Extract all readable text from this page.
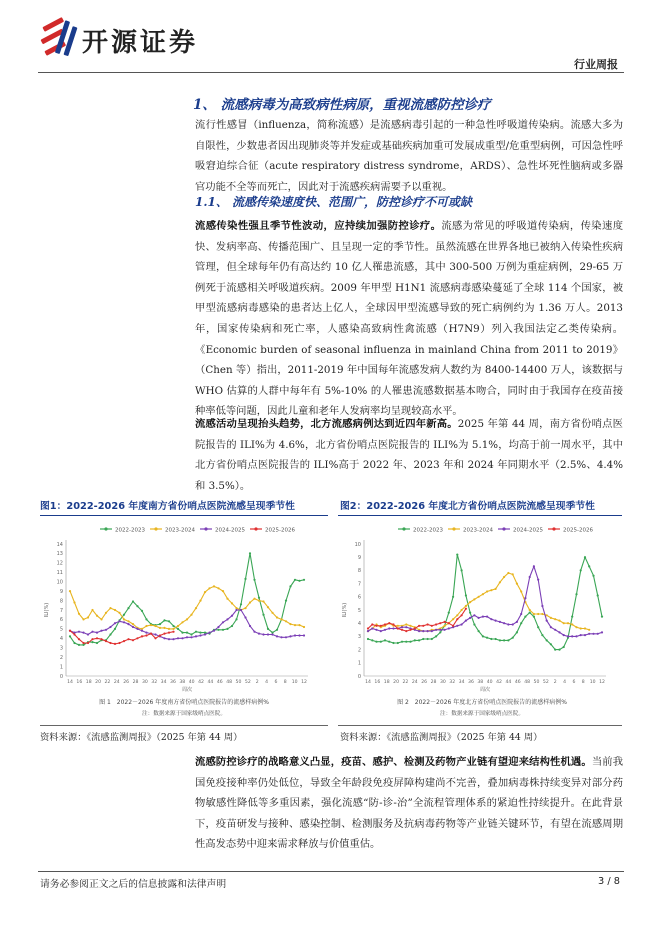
开源证券
行业周报
1、 流感病毒为高致病性病原，重视流感防控诊疗
流行性感冒（influenza，简称流感）是流感病毒引起的一种急性呼吸道传染病。流感大多为自限性，少数患者因出现肺炎等并发症或基础疾病加重可发展成重型/危重型病例，可因急性呼吸窘迫综合征（acute respiratory distress syndrome，ARDS）、急性坏死性脑病或多器官功能不全等而死亡，因此对于流感疾病需要予以重视。
1.1、 流感传染速度快、范围广，防控诊疗不可或缺
流感传染性强且季节性波动，应持续加强防控诊疗。流感为常见的呼吸道传染病，传染速度快、发病率高、传播范围广、且呈现一定的季节性。虽然流感在世界各地已被纳入传染性疾病管理，但全球每年仍有高达约 10 亿人罹患流感，其中 300-500 万例为重症病例，29-65 万例死于流感相关呼吸道疾病。2009 年甲型 H1N1 流感病毒感染蔓延了全球 114 个国家，被甲型流感病毒感染的患者达上亿人，全球因甲型流感导致的死亡病例约为 1.36 万人。2013 年，国家传染病和死亡率，人感染高致病性禽流感（H7N9）列入我国法定乙类传染病。《Economic burden of seasonal influenza in mainland China from 2011 to 2019》（Chen 等）指出，2011-2019 年中国每年流感发病人数约为 8400-14400 万人，该数据与 WHO 估算的人群中每年有 5%-10% 的人罹患流感数据基本吻合，同时由于我国存在疫苗接种率低等问题，因此儿童和老年人发病率均呈现较高水平。
流感活动呈现抬头趋势，北方流感病例达到近四年新高。2025 年第 44 周，南方省份哨点医院报告的 ILI%为 4.6%，北方省份哨点医院报告的 ILI%为 5.1%，均高于前一周水平，其中北方省份哨点医院报告的 ILI%高于 2022 年、2023 年和 2024 年同期水平（2.5%、4.4%和 3.5%）。
图1：2022-2026 年度南方省份哨点医院流感呈现季节性	图2：2022-2026 年度北方省份哨点医院流感呈现季节性
2022-2023	2023-2024	2024-2025	2025-2026
0
1
2
3
4
5
6
7
8
9
10
11
12
13
14
14 16 18 20 22 24 26 28 30 32 34 36 38 40 42 44 46 48 50 52 2 4 6 8 10 12
ILI(%)
周次
图 1　2022－2026 年度南方省份哨点医院报告的流感样病例%
注：数据来源于国家级哨点医院。
2022-2023	2023-2024	2024-2025	2025-2026
0
1
2
3
4
5
6
7
8
9
10
14 16 18 20 22 24 26 28 30 32 34 36 38 40 42 44 46 48 50 52 2 4 6 8 10 12
ILI(%)
周次
图 2　2022－2026 年度北方省份哨点医院报告的流感样病例%
注：数据来源于国家级哨点医院。
资料来源：《流感监测周报》（2025 年第 44 周）	资料来源：《流感监测周报》（2025 年第 44 周）
流感防控诊疗的战略意义凸显，疫苗、感护、检测及药物产业链有望迎来结构性机遇。当前我国免疫接种率仍处低位，导致全年龄段免疫屏障构建尚不完善，叠加病毒株持续变异对部分药物敏感性降低等多重因素，强化流感“防-诊-治”全流程管理体系的紧迫性持续提升。在此背景下，疫苗研发与接种、感染控制、检测服务及抗病毒药物等产业链关键环节，有望在流感周期性高发态势中迎来需求释放与价值重估。
请务必参阅正文之后的信息披露和法律声明	3 / 8
